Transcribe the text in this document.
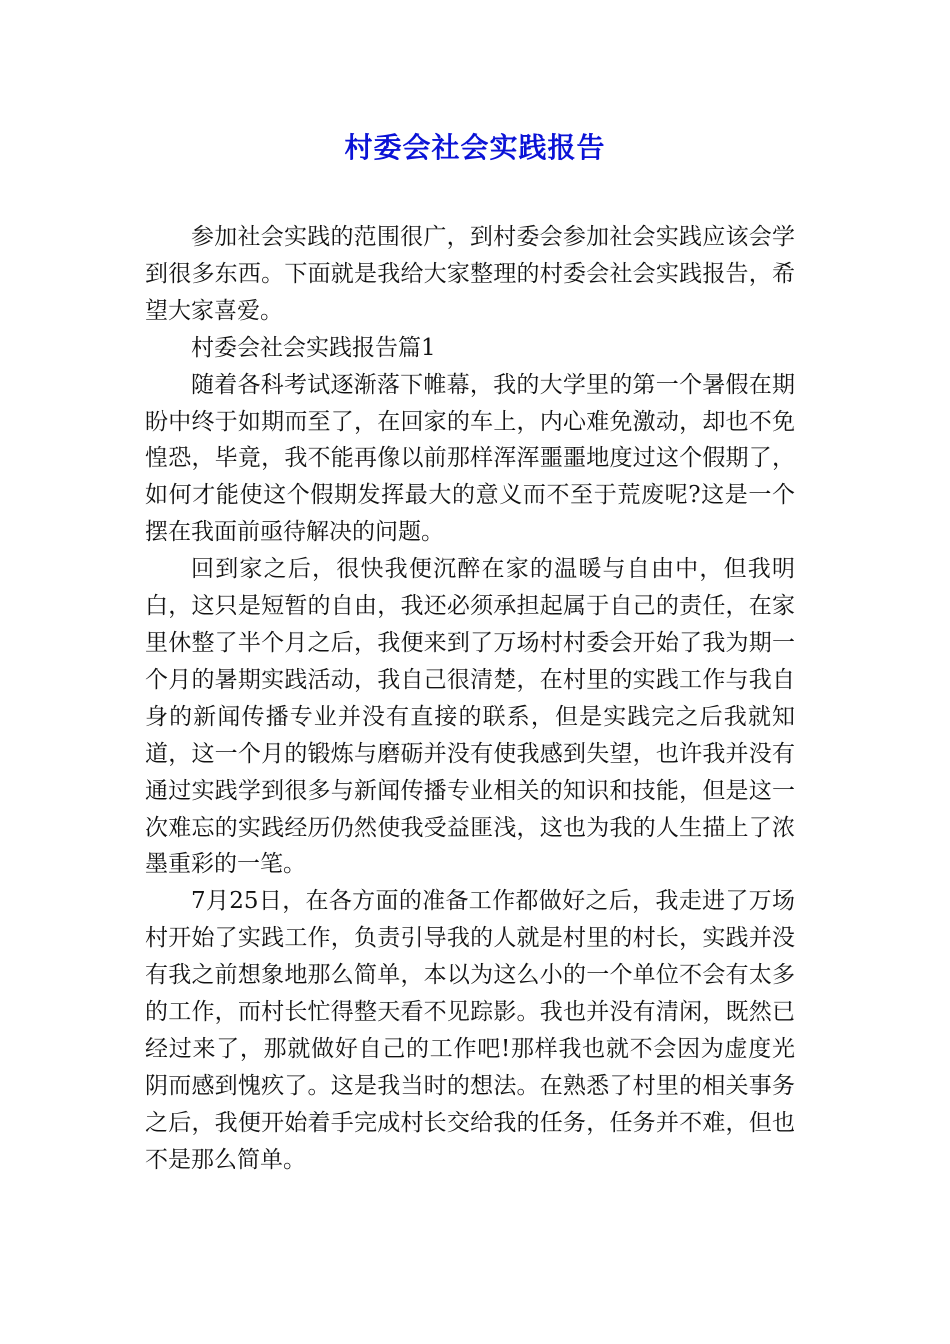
村委会社会实践报告

参加社会实践的范围很广，到村委会参加社会实践应该会学到很多东西。下面就是我给大家整理的村委会社会实践报告，希望大家喜爱。

村委会社会实践报告篇1

随着各科考试逐渐落下帷幕，我的大学里的第一个暑假在期盼中终于如期而至了，在回家的车上，内心难免激动，却也不免惶恐，毕竟，我不能再像以前那样浑浑噩噩地度过这个假期了，如何才能使这个假期发挥最大的意义而不至于荒废呢?这是一个摆在我面前亟待解决的问题。

回到家之后，很快我便沉醉在家的温暖与自由中，但我明白，这只是短暂的自由，我还必须承担起属于自己的责任，在家里休整了半个月之后，我便来到了万场村村委会开始了我为期一个月的暑期实践活动，我自己很清楚，在村里的实践工作与我自身的新闻传播专业并没有直接的联系，但是实践完之后我就知道，这一个月的锻炼与磨砺并没有使我感到失望，也许我并没有通过实践学到很多与新闻传播专业相关的知识和技能，但是这一次难忘的实践经历仍然使我受益匪浅，这也为我的人生描上了浓墨重彩的一笔。

7月25日，在各方面的准备工作都做好之后，我走进了万场村开始了实践工作，负责引导我的人就是村里的村长，实践并没有我之前想象地那么简单，本以为这么小的一个单位不会有太多的工作，而村长忙得整天看不见踪影。我也并没有清闲，既然已经过来了，那就做好自己的工作吧!那样我也就不会因为虚度光阴而感到愧疚了。这是我当时的想法。在熟悉了村里的相关事务之后，我便开始着手完成村长交给我的任务，任务并不难，但也不是那么简单。
